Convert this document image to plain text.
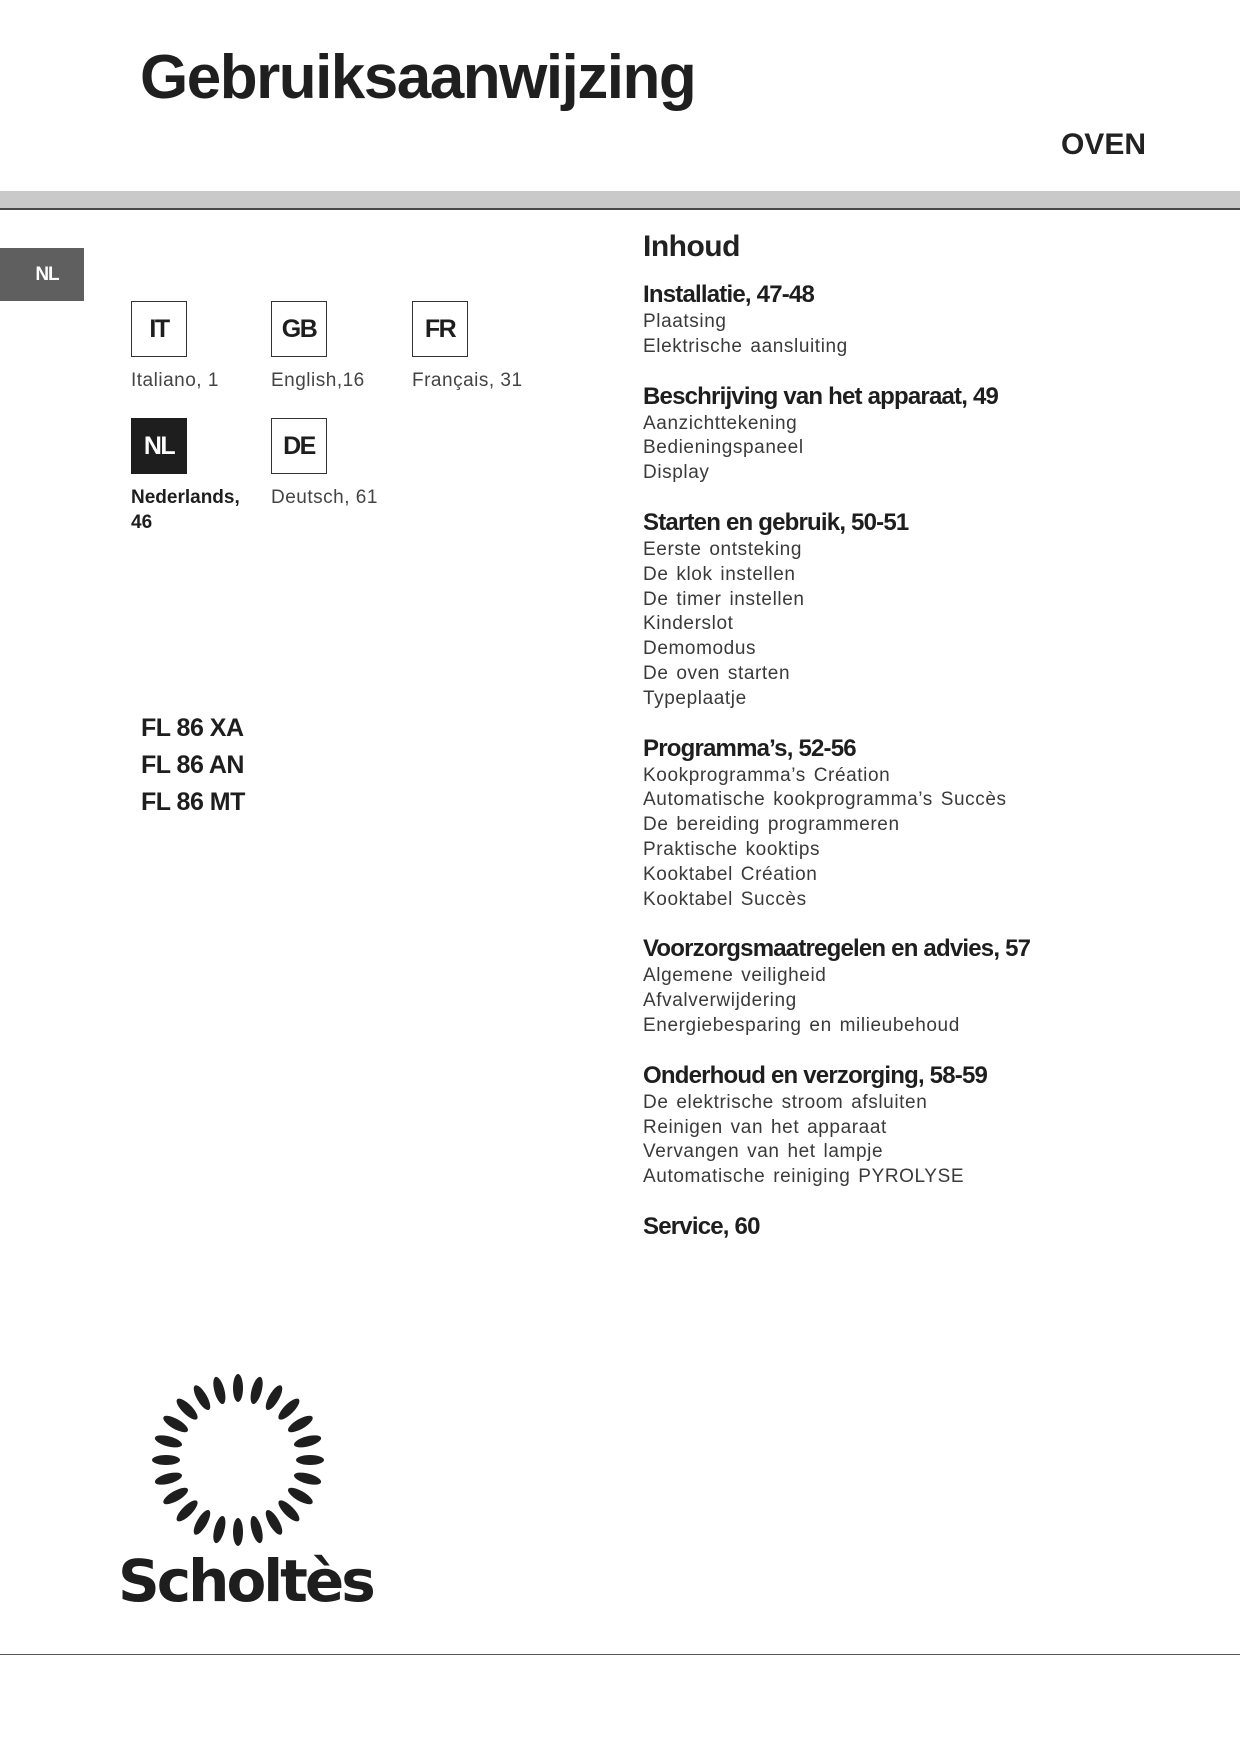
Gebruiksaanwijzing
OVEN
NL
IT
Italiano, 1
GB
English,16
FR
Français, 31
NL
Nederlands, 46
DE
Deutsch, 61
FL 86 XA
FL 86 AN
FL 86 MT
Inhoud
Installatie, 47-48
Plaatsing
Elektrische aansluiting
Beschrijving van het apparaat, 49
Aanzichttekening
Bedieningspaneel
Display
Starten en gebruik, 50-51
Eerste ontsteking
De klok instellen
De timer instellen
Kinderslot
Demomodus
De oven starten
Typeplaatje
Programma’s, 52-56
Kookprogramma’s Création
Automatische kookprogramma’s Succès
De bereiding programmeren
Praktische kooktips
Kooktabel Création
Kooktabel Succès
Voorzorgsmaatregelen en advies, 57
Algemene veiligheid
Afvalverwijdering
Energiebesparing en milieubehoud
Onderhoud en verzorging, 58-59
De elektrische stroom afsluiten
Reinigen van het apparaat
Vervangen van het lampje
Automatische reiniging PYROLYSE
Service, 60
Scholtès
